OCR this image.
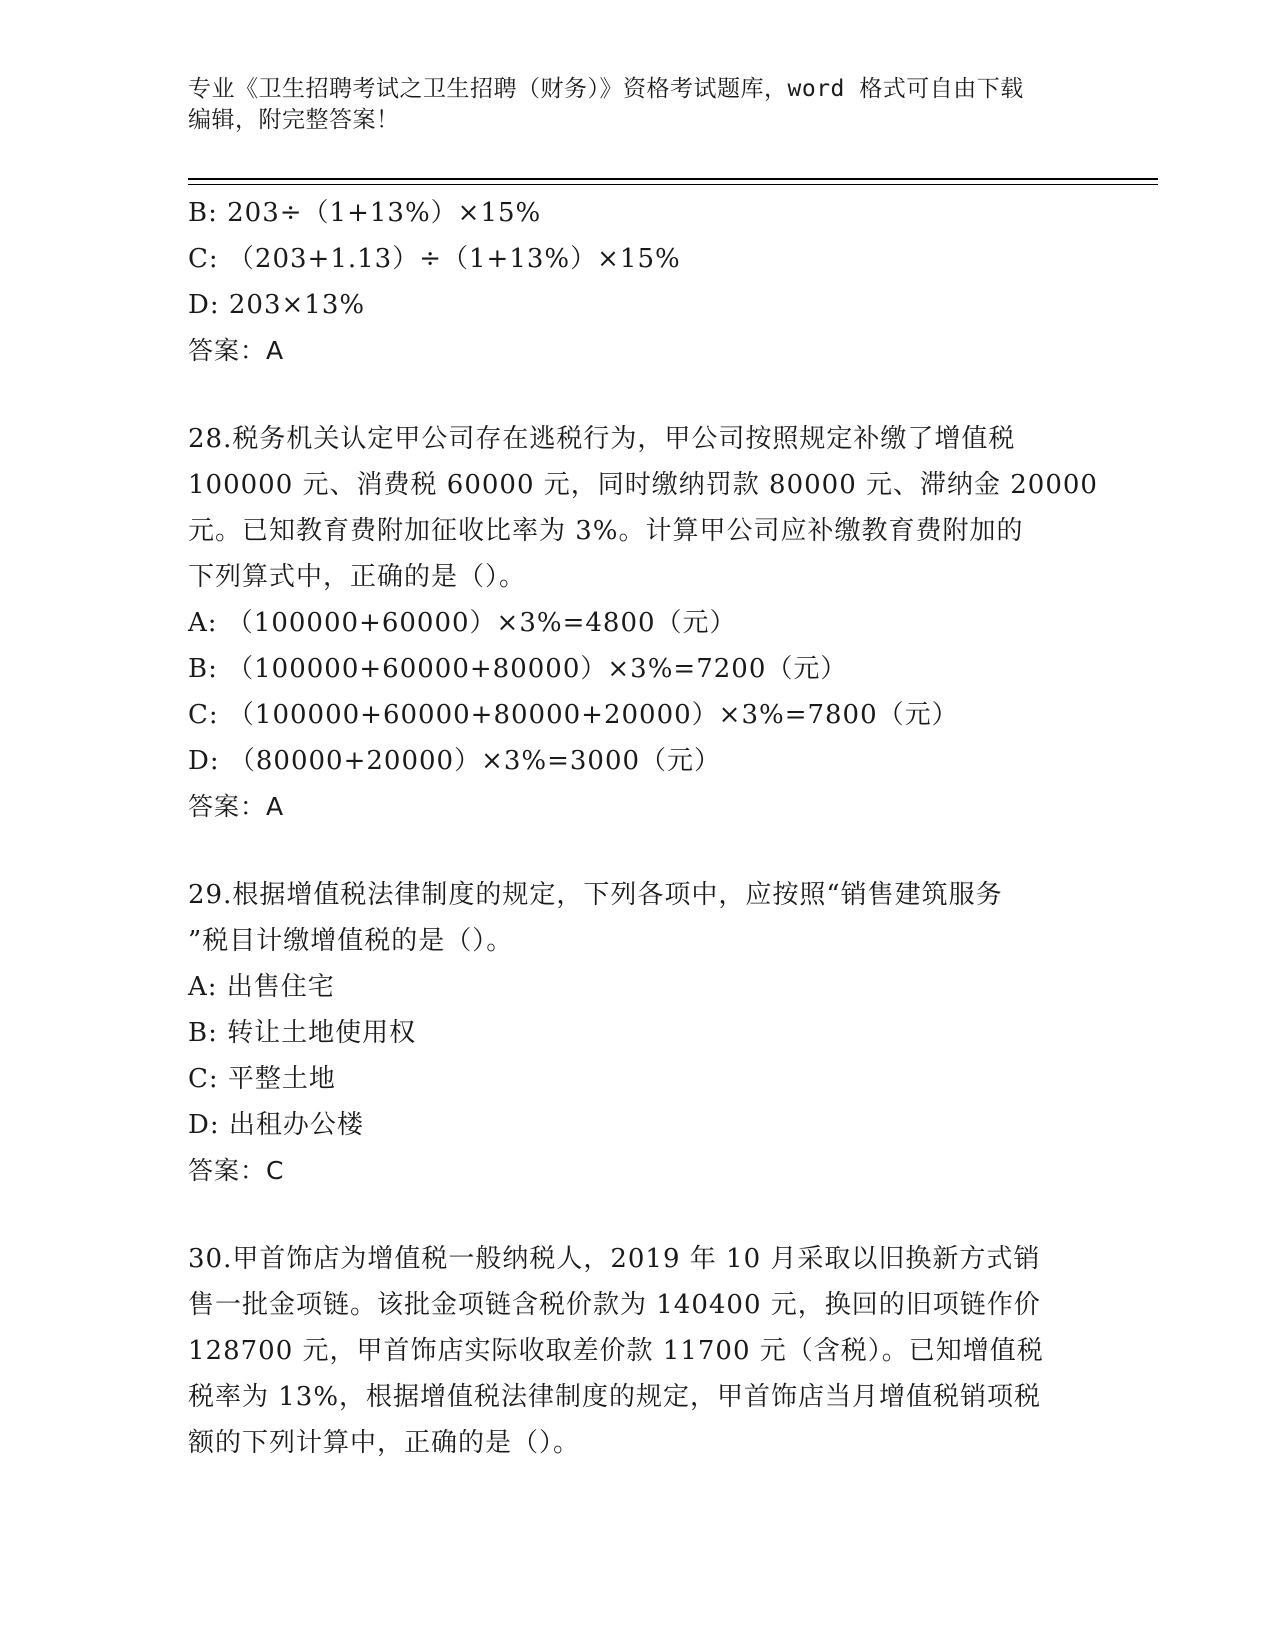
专业《卫生招聘考试之卫生招聘（财务）》资格考试题库，word 格式可自由下载
编辑，附完整答案！
B: 203÷（1+13%）×15%
C: （203+1.13）÷（1+13%）×15%
D: 203×13%
答案：A
28.税务机关认定甲公司存在逃税行为，甲公司按照规定补缴了增值税
100000 元、消费税 60000 元，同时缴纳罚款 80000 元、滞纳金 20000
元。已知教育费附加征收比率为 3%。计算甲公司应补缴教育费附加的
下列算式中，正确的是（）。
A: （100000+60000）×3%=4800（元）
B: （100000+60000+80000）×3%=7200（元）
C: （100000+60000+80000+20000）×3%=7800（元）
D: （80000+20000）×3%=3000（元）
答案：A
29.根据增值税法律制度的规定，下列各项中，应按照“销售建筑服务
”税目计缴增值税的是（）。
A: 出售住宅
B: 转让土地使用权
C: 平整土地
D: 出租办公楼
答案：C
30.甲首饰店为增值税一般纳税人，2019 年 10 月采取以旧换新方式销
售一批金项链。该批金项链含税价款为 140400 元，换回的旧项链作价
128700 元，甲首饰店实际收取差价款 11700 元（含税）。已知增值税
税率为 13%，根据增值税法律制度的规定，甲首饰店当月增值税销项税
额的下列计算中，正确的是（）。
